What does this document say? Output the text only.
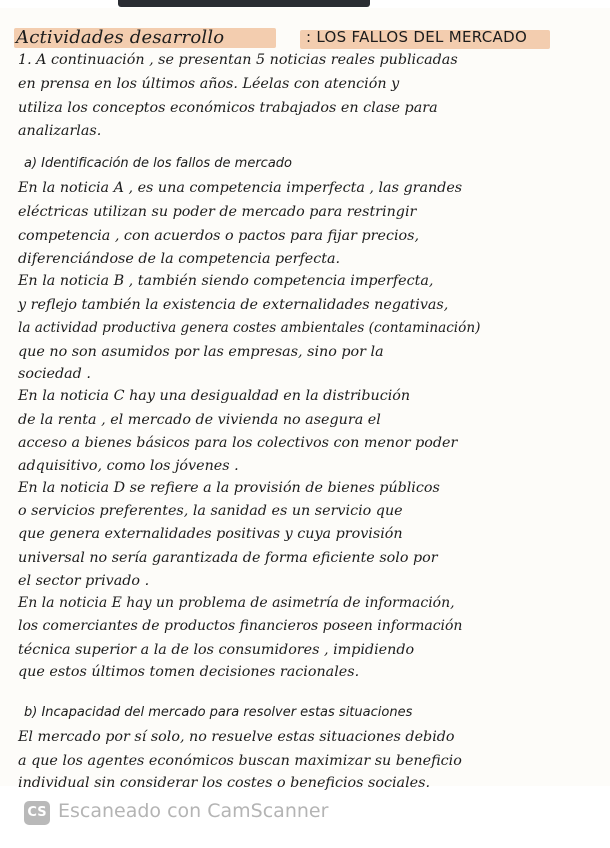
Actividades desarrollo	: LOS FALLOS DEL MERCADO
1. A continuación , se presentan 5 noticias reales publicadas
en prensa en los últimos años. Léelas con atención y
utiliza los conceptos económicos trabajados en clase para
analizarlas.
a) Identificación de los fallos de mercado
En la noticia A , es una competencia imperfecta , las grandes
eléctricas utilizan su poder de mercado para restringir
competencia , con acuerdos o pactos para fijar precios,
diferenciándose de la competencia perfecta.
En la noticia B , también siendo competencia imperfecta,
y reflejo también la existencia de externalidades negativas,
la actividad productiva genera costes ambientales (contaminación)
que no son asumidos por las empresas, sino por la
sociedad .
En la noticia C hay una desigualdad en la distribución
de la renta , el mercado de vivienda no asegura el
acceso a bienes básicos para los colectivos con menor poder
adquisitivo, como los jóvenes .
En la noticia D se refiere a la provisión de bienes públicos
o servicios preferentes, la sanidad es un servicio que
que genera externalidades positivas y cuya provisión
universal no sería garantizada de forma eficiente solo por
el sector privado .
En la noticia E hay un problema de asimetría de información,
los comerciantes de productos financieros poseen información
técnica superior a la de los consumidores , impidiendo
que estos últimos tomen decisiones racionales.
b) Incapacidad del mercado para resolver estas situaciones
El mercado por sí solo, no resuelve estas situaciones debido
a que los agentes económicos buscan maximizar su beneficio
individual sin considerar los costes o beneficios sociales.
CS Escaneado con CamScanner
